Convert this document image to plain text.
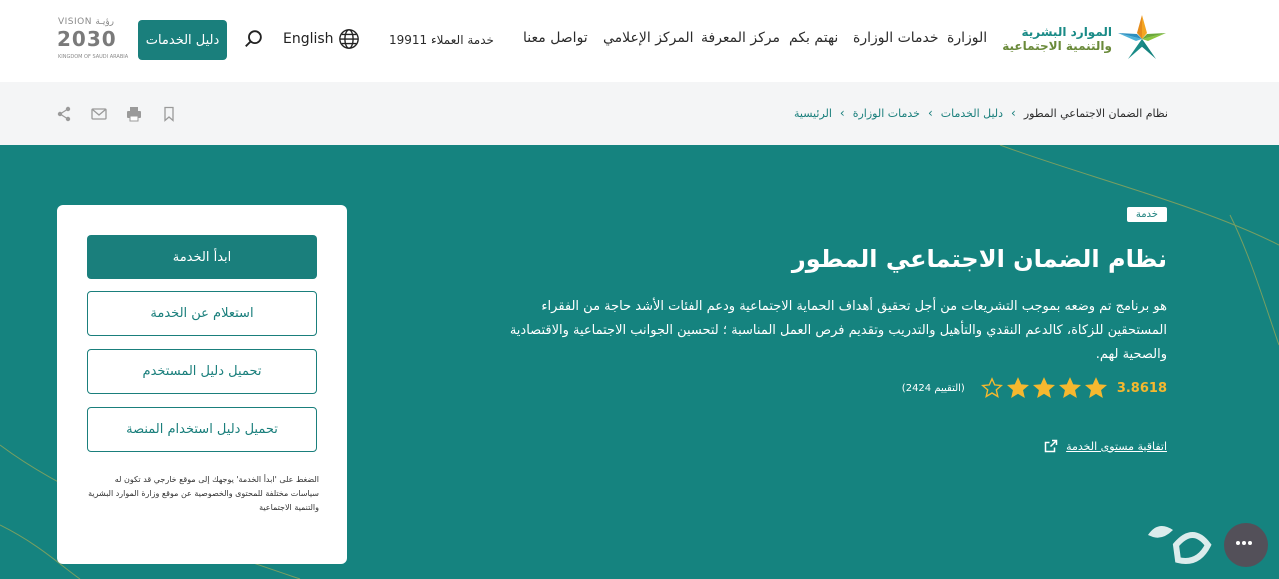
الموارد البشرية
والتنمية الاجتماعية
الوزارة
خدمات الوزارة
نهتم بكم
مركز المعرفة
المركز الإعلامي
تواصل معنا
خدمة العملاء 19911
English
دليل الخدمات
VISION رؤيـة
2030
KINGDOM OF SAUDI ARABIA
الرئيسية › خدمات الوزارة › دليل الخدمات › نظام الضمان الاجتماعي المطور
خدمة
نظام الضمان الاجتماعي المطور

هو برنامج تم وضعه بموجب التشريعات من أجل تحقيق أهداف الحماية الاجتماعية ودعم الفئات الأشد حاجة من الفقراء المستحقين للزكاة، كالدعم النقدي والتأهيل والتدريب وتقديم فرص العمل المناسبة ؛ لتحسين الجوانب الاجتماعية والاقتصادية والصحية لهم.

3.8618
(التقييم 2424)
اتفاقية مستوى الخدمة
ابدأ الخدمة
استعلام عن الخدمة
تحميل دليل المستخدم
تحميل دليل استخدام المنصة

الضغط على 'ابدأ الخدمة' يوجهك إلى موقع خارجي قد تكون له سياسات مختلفة للمحتوى والخصوصية عن موقع وزارة الموارد البشرية والتنمية الاجتماعية
